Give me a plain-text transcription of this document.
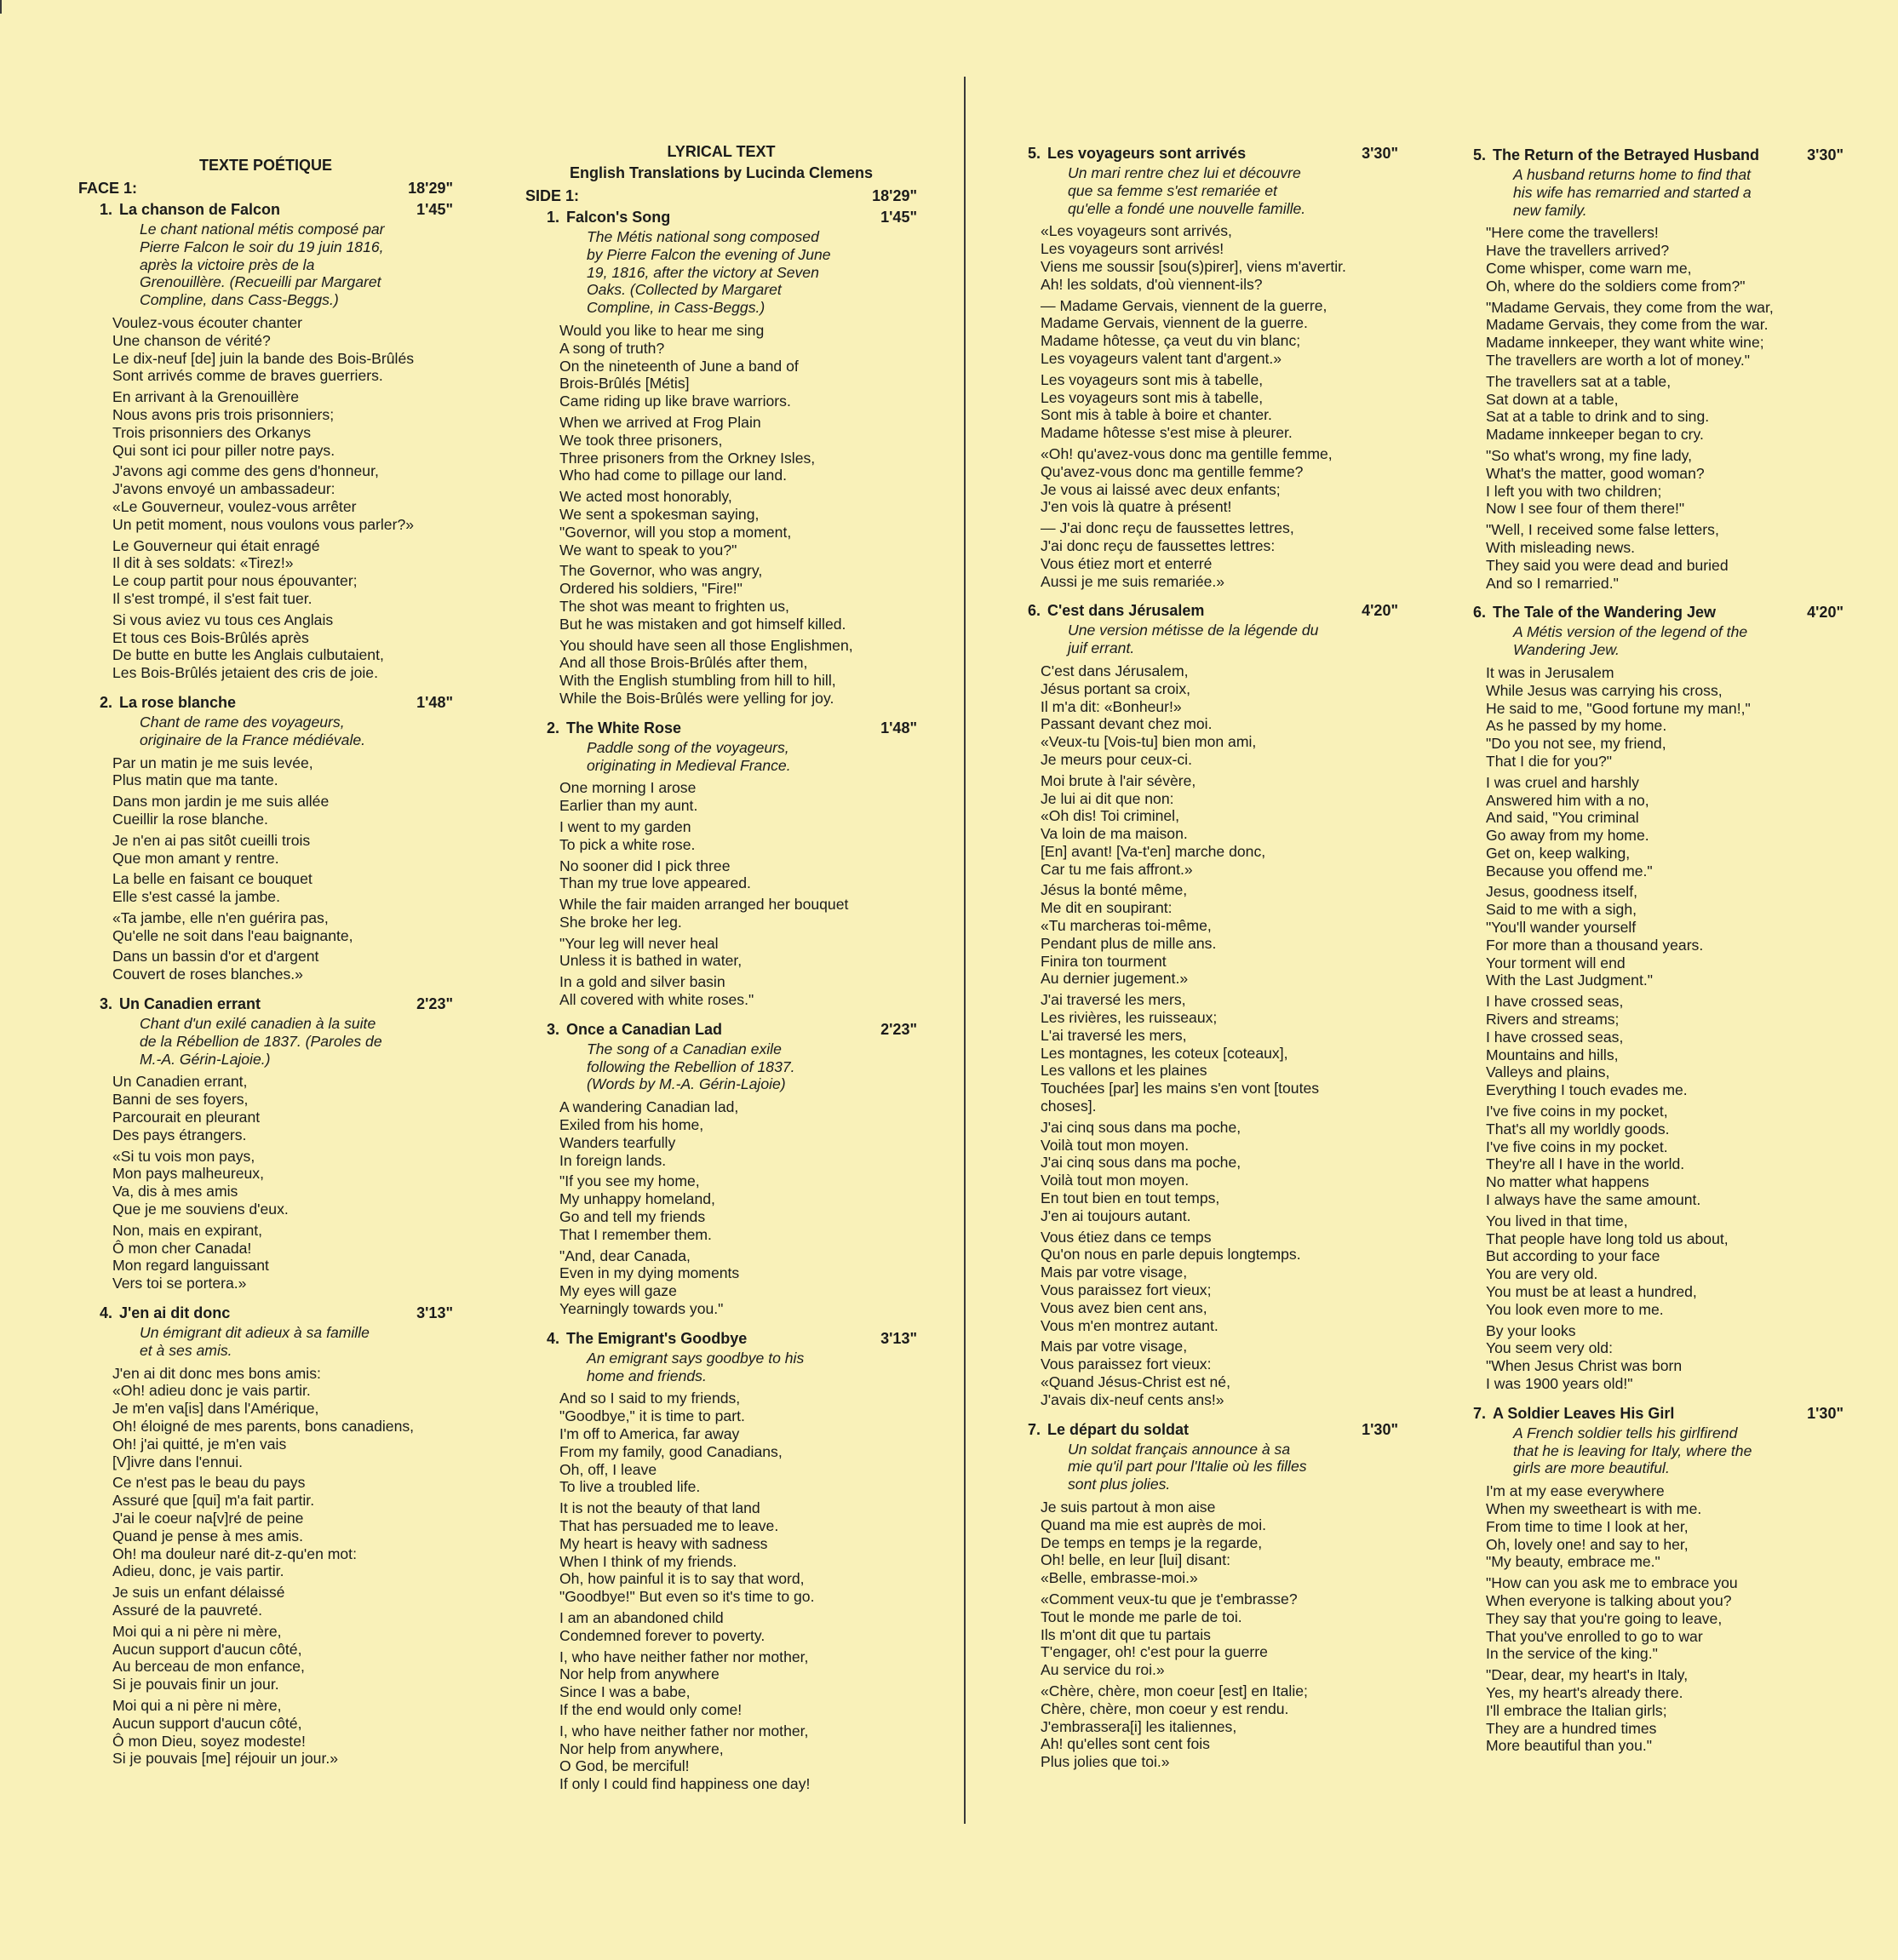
TEXTE POÉTIQUE
FACE 1:	18'29"
1. La chanson de Falcon	1'45"
Le chant national métis composé par
Pierre Falcon le soir du 19 juin 1816,
après la victoire près de la
Grenouillère. (Recueilli par Margaret
Compline, dans Cass-Beggs.)
Voulez-vous écouter chanter
Une chanson de vérité?
Le dix-neuf [de] juin la bande des Bois-Brûlés
Sont arrivés comme de braves guerriers.
En arrivant à la Grenouillère
Nous avons pris trois prisonniers;
Trois prisonniers des Orkanys
Qui sont ici pour piller notre pays.
J'avons agi comme des gens d'honneur,
J'avons envoyé un ambassadeur:
«Le Gouverneur, voulez-vous arrêter
Un petit moment, nous voulons vous parler?»
Le Gouverneur qui était enragé
Il dit à ses soldats: «Tirez!»
Le coup partit pour nous épouvanter;
Il s'est trompé, il s'est fait tuer.
Si vous aviez vu tous ces Anglais
Et tous ces Bois-Brûlés après
De butte en butte les Anglais culbutaient,
Les Bois-Brûlés jetaient des cris de joie.
2. La rose blanche	1'48"
Chant de rame des voyageurs,
originaire de la France médiévale.
Par un matin je me suis levée,
Plus matin que ma tante.
Dans mon jardin je me suis allée
Cueillir la rose blanche.
Je n'en ai pas sitôt cueilli trois
Que mon amant y rentre.
La belle en faisant ce bouquet
Elle s'est cassé la jambe.
«Ta jambe, elle n'en guérira pas,
Qu'elle ne soit dans l'eau baignante,
Dans un bassin d'or et d'argent
Couvert de roses blanches.»
3. Un Canadien errant	2'23"
Chant d'un exilé canadien à la suite
de la Rébellion de 1837. (Paroles de
M.-A. Gérin-Lajoie.)
Un Canadien errant,
Banni de ses foyers,
Parcourait en pleurant
Des pays étrangers.
«Si tu vois mon pays,
Mon pays malheureux,
Va, dis à mes amis
Que je me souviens d'eux.
Non, mais en expirant,
Ô mon cher Canada!
Mon regard languissant
Vers toi se portera.»
4. J'en ai dit donc	3'13"
Un émigrant dit adieux à sa famille
et à ses amis.
J'en ai dit donc mes bons amis:
«Oh! adieu donc je vais partir.
Je m'en va[is] dans l'Amérique,
Oh! éloigné de mes parents, bons canadiens,
Oh! j'ai quitté, je m'en vais
[V]ivre dans l'ennui.
Ce n'est pas le beau du pays
Assuré que [qui] m'a fait partir.
J'ai le coeur na[v]ré de peine
Quand je pense à mes amis.
Oh! ma douleur naré dit-z-qu'en mot:
Adieu, donc, je vais partir.
Je suis un enfant délaissé
Assuré de la pauvreté.
Moi qui a ni père ni mère,
Aucun support d'aucun côté,
Au berceau de mon enfance,
Si je pouvais finir un jour.
Moi qui a ni père ni mère,
Aucun support d'aucun côté,
Ô mon Dieu, soyez modeste!
Si je pouvais [me] réjouir un jour.»
LYRICAL TEXT
English Translations by Lucinda Clemens
SIDE 1:	18'29"
1. Falcon's Song	1'45"
The Métis national song composed
by Pierre Falcon the evening of June
19, 1816, after the victory at Seven
Oaks. (Collected by Margaret
Compline, in Cass-Beggs.)
Would you like to hear me sing
A song of truth?
On the nineteenth of June a band of
Brois-Brûlés [Métis]
Came riding up like brave warriors.
When we arrived at Frog Plain
We took three prisoners,
Three prisoners from the Orkney Isles,
Who had come to pillage our land.
We acted most honorably,
We sent a spokesman saying,
"Governor, will you stop a moment,
We want to speak to you?"
The Governor, who was angry,
Ordered his soldiers, "Fire!"
The shot was meant to frighten us,
But he was mistaken and got himself killed.
You should have seen all those Englishmen,
And all those Brois-Brûlés after them,
With the English stumbling from hill to hill,
While the Bois-Brûlés were yelling for joy.
2. The White Rose	1'48"
Paddle song of the voyageurs,
originating in Medieval France.
One morning I arose
Earlier than my aunt.
I went to my garden
To pick a white rose.
No sooner did I pick three
Than my true love appeared.
While the fair maiden arranged her bouquet
She broke her leg.
"Your leg will never heal
Unless it is bathed in water,
In a gold and silver basin
All covered with white roses."
3. Once a Canadian Lad	2'23"
The song of a Canadian exile
following the Rebellion of 1837.
(Words by M.-A. Gérin-Lajoie)
A wandering Canadian lad,
Exiled from his home,
Wanders tearfully
In foreign lands.
"If you see my home,
My unhappy homeland,
Go and tell my friends
That I remember them.
"And, dear Canada,
Even in my dying moments
My eyes will gaze
Yearningly towards you."
4. The Emigrant's Goodbye	3'13"
An emigrant says goodbye to his
home and friends.
And so I said to my friends,
"Goodbye," it is time to part.
I'm off to America, far away
From my family, good Canadians,
Oh, off, I leave
To live a troubled life.
It is not the beauty of that land
That has persuaded me to leave.
My heart is heavy with sadness
When I think of my friends.
Oh, how painful it is to say that word,
"Goodbye!" But even so it's time to go.
I am an abandoned child
Condemned forever to poverty.
I, who have neither father nor mother,
Nor help from anywhere
Since I was a babe,
If the end would only come!
I, who have neither father nor mother,
Nor help from anywhere,
O God, be merciful!
If only I could find happiness one day!
5. Les voyageurs sont arrivés	3'30"
Un mari rentre chez lui et découvre
que sa femme s'est remariée et
qu'elle a fondé une nouvelle famille.
«Les voyageurs sont arrivés,
Les voyageurs sont arrivés!
Viens me soussir [sou(s)pirer], viens m'avertir.
Ah! les soldats, d'où viennent-ils?
— Madame Gervais, viennent de la guerre,
Madame Gervais, viennent de la guerre.
Madame hôtesse, ça veut du vin blanc;
Les voyageurs valent tant d'argent.»
Les voyageurs sont mis à tabelle,
Les voyageurs sont mis à tabelle,
Sont mis à table à boire et chanter.
Madame hôtesse s'est mise à pleurer.
«Oh! qu'avez-vous donc ma gentille femme,
Qu'avez-vous donc ma gentille femme?
Je vous ai laissé avec deux enfants;
J'en vois là quatre à présent!
— J'ai donc reçu de faussettes lettres,
J'ai donc reçu de faussettes lettres:
Vous étiez mort et enterré
Aussi je me suis remariée.»
6. C'est dans Jérusalem	4'20"
Une version métisse de la légende du
juif errant.
C'est dans Jérusalem,
Jésus portant sa croix,
Il m'a dit: «Bonheur!»
Passant devant chez moi.
«Veux-tu [Vois-tu] bien mon ami,
Je meurs pour ceux-ci.
Moi brute à l'air sévère,
Je lui ai dit que non:
«Oh dis! Toi criminel,
Va loin de ma maison.
[En] avant! [Va-t'en] marche donc,
Car tu me fais affront.»
Jésus la bonté même,
Me dit en soupirant:
«Tu marcheras toi-même,
Pendant plus de mille ans.
Finira ton tourment
Au dernier jugement.»
J'ai traversé les mers,
Les rivières, les ruisseaux;
L'ai traversé les mers,
Les montagnes, les coteux [coteaux],
Les vallons et les plaines
Touchées [par] les mains s'en vont [toutes
choses].
J'ai cinq sous dans ma poche,
Voilà tout mon moyen.
J'ai cinq sous dans ma poche,
Voilà tout mon moyen.
En tout bien en tout temps,
J'en ai toujours autant.
Vous étiez dans ce temps
Qu'on nous en parle depuis longtemps.
Mais par votre visage,
Vous paraissez fort vieux;
Vous avez bien cent ans,
Vous m'en montrez autant.
Mais par votre visage,
Vous paraissez fort vieux:
«Quand Jésus-Christ est né,
J'avais dix-neuf cents ans!»
7. Le départ du soldat	1'30"
Un soldat français announce à sa
mie qu'il part pour l'Italie où les filles
sont plus jolies.
Je suis partout à mon aise
Quand ma mie est auprès de moi.
De temps en temps je la regarde,
Oh! belle, en leur [lui] disant:
«Belle, embrasse-moi.»
«Comment veux-tu que je t'embrasse?
Tout le monde me parle de toi.
Ils m'ont dit que tu partais
T'engager, oh! c'est pour la guerre
Au service du roi.»
«Chère, chère, mon coeur [est] en Italie;
Chère, chère, mon coeur y est rendu.
J'embrassera[i] les italiennes,
Ah! qu'elles sont cent fois
Plus jolies que toi.»
5. The Return of the Betrayed Husband	3'30"
A husband returns home to find that
his wife has remarried and started a
new family.
"Here come the travellers!
Have the travellers arrived?
Come whisper, come warn me,
Oh, where do the soldiers come from?"
"Madame Gervais, they come from the war,
Madame Gervais, they come from the war.
Madame innkeeper, they want white wine;
The travellers are worth a lot of money."
The travellers sat at a table,
Sat down at a table,
Sat at a table to drink and to sing.
Madame innkeeper began to cry.
"So what's wrong, my fine lady,
What's the matter, good woman?
I left you with two children;
Now I see four of them there!"
"Well, I received some false letters,
With misleading news.
They said you were dead and buried
And so I remarried."
6. The Tale of the Wandering Jew	4'20"
A Métis version of the legend of the
Wandering Jew.
It was in Jerusalem
While Jesus was carrying his cross,
He said to me, "Good fortune my man!,"
As he passed by my home.
"Do you not see, my friend,
That I die for you?"
I was cruel and harshly
Answered him with a no,
And said, "You criminal
Go away from my home.
Get on, keep walking,
Because you offend me."
Jesus, goodness itself,
Said to me with a sigh,
"You'll wander yourself
For more than a thousand years.
Your torment will end
With the Last Judgment."
I have crossed seas,
Rivers and streams;
I have crossed seas,
Mountains and hills,
Valleys and plains,
Everything I touch evades me.
I've five coins in my pocket,
That's all my worldly goods.
I've five coins in my pocket.
They're all I have in the world.
No matter what happens
I always have the same amount.
You lived in that time,
That people have long told us about,
But according to your face
You are very old.
You must be at least a hundred,
You look even more to me.
By your looks
You seem very old:
"When Jesus Christ was born
I was 1900 years old!"
7. A Soldier Leaves His Girl	1'30"
A French soldier tells his girlfirend
that he is leaving for Italy, where the
girls are more beautiful.
I'm at my ease everywhere
When my sweetheart is with me.
From time to time I look at her,
Oh, lovely one! and say to her,
"My beauty, embrace me."
"How can you ask me to embrace you
When everyone is talking about you?
They say that you're going to leave,
That you've enrolled to go to war
In the service of the king."
"Dear, dear, my heart's in Italy,
Yes, my heart's already there.
I'll embrace the Italian girls;
They are a hundred times
More beautiful than you."
